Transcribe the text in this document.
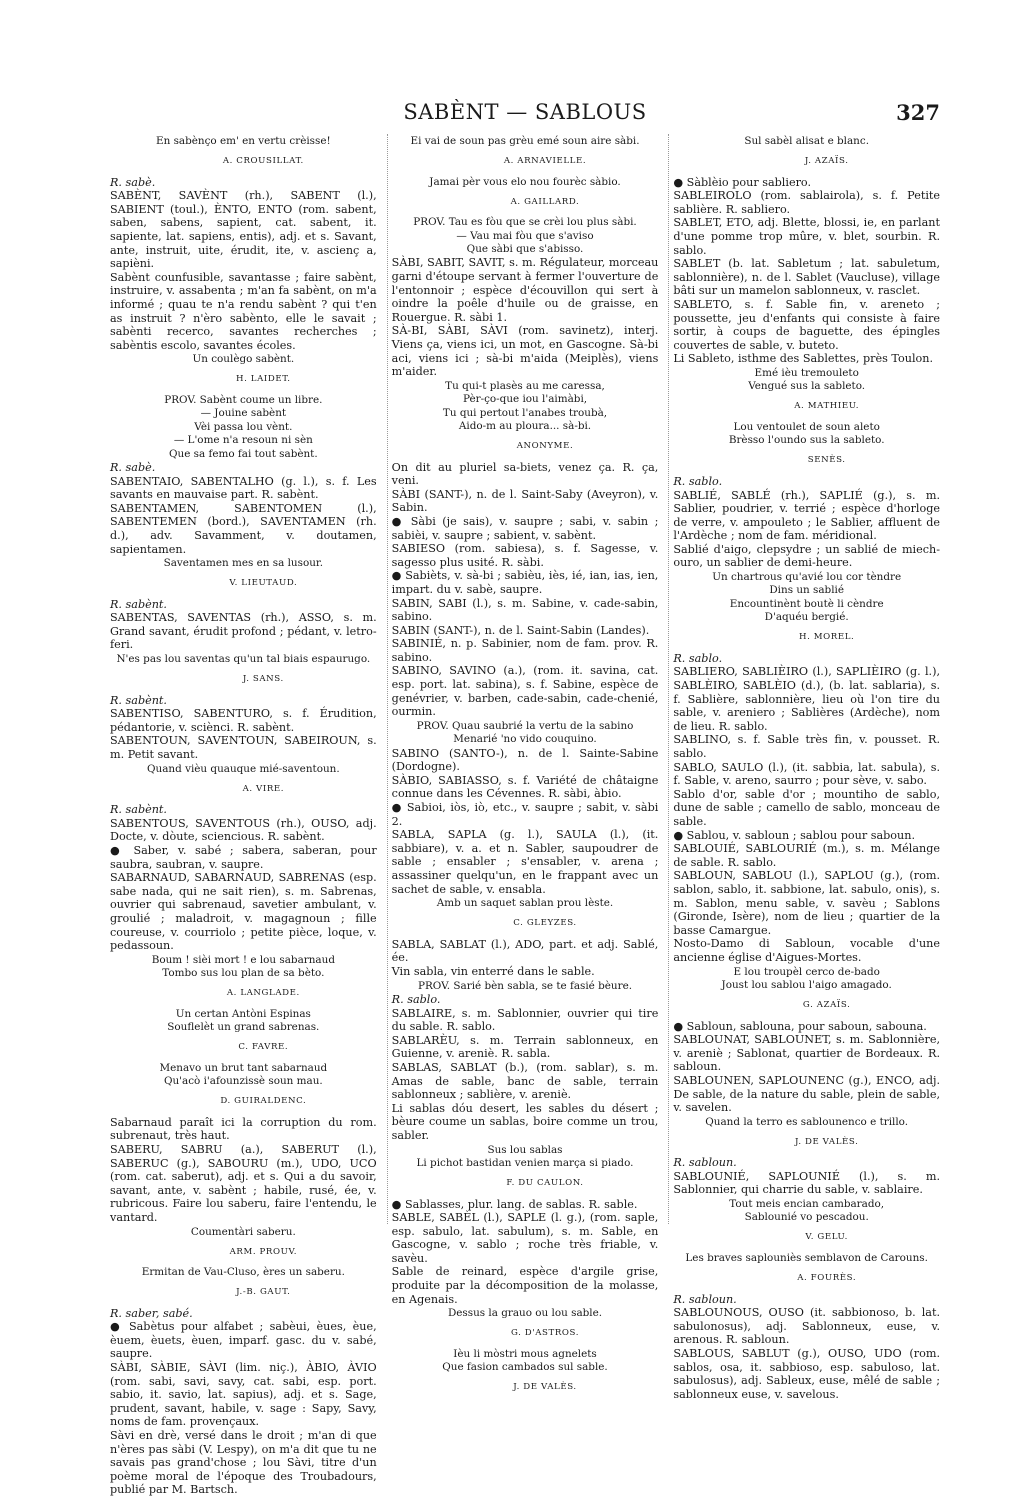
SABÈNT — SABLOUS	327

En sabènço em' en vertu crèisse!

A. CROUSILLAT.

R. sabè.

SABÈNT, SAVÈNT (rh.), SABENT (l.), SABIENT (toul.), ÈNTO, ENTO (rom. sabent, saben, sabens, sapient, cat. sabent, it. sapiente, lat. sapiens, entis), adj. et s. Savant, ante, instruit, uite, érudit, ite, v. ascienç a, sapièni.

Sabènt counfusible, savantasse ; faire sabènt, instruire, v. assabenta ; m'an fa sabènt, on m'a informé ; quau te n'a rendu sabènt ? qui t'en as instruit ? n'èro sabènto, elle le savait ; sabènti recerco, savantes recherches ; sabèntis escolo, savantes écoles.

Un coulègo sabènt.

H. LAIDET.

PROV. Sabènt coume un libre.

— Jouine sabènt

Vèi passa lou vènt.

— L'ome n'a resoun ni sèn

Que sa femo fai tout sabènt.

R. sabè.

SABENTAIO, SABENTALHO (g. l.), s. f. Les savants en mauvaise part. R. sabènt.

SABENTAMEN, SABENTOMEN (l.), SABENTEMEN (bord.), SAVENTAMEN (rh. d.), adv. Savamment, v. doutamen, sapientamen.

Saventamen mes en sa lusour.

V. LIEUTAUD.

R. sabènt.

SABENTAS, SAVENTAS (rh.), ASSO, s. m. Grand savant, érudit profond ; pédant, v. letro-feri.

N'es pas lou saventas qu'un tal biais espaurugo.

J. SANS.

R. sabènt.

SABENTISO, SABENTURO, s. f. Érudition, pédantorie, v. sciènci. R. sabènt.

SABENTOUN, SAVENTOUN, SABEIROUN, s. m. Petit savant.

Quand vièu quauque mié-saventoun.

A. VIRE.

R. sabènt.

SABENTOUS, SAVENTOUS (rh.), OUSO, adj. Docte, v. dòute, sciencious. R. sabènt.

● Saber, v. sabé ; sabera, saberan, pour saubra, saubran, v. saupre.

SABARNAUD, SABARNAUD, SABRENAS (esp. sabe nada, qui ne sait rien), s. m. Sabrenas, ouvrier qui sabrenaud, savetier ambulant, v. groulié ; maladroit, v. magagnoun ; fille coureuse, v. courriolo ; petite pièce, loque, v. pedassoun.

Boum ! sièi mort ! e lou sabarnaud

Tombo sus lou plan de sa bèto.

A. LANGLADE.

Un certan Antòni Espinas

Souflelèt un grand sabrenas.

C. FAVRE.

Menavo un brut tant sabarnaud

Qu'acò i'afounzissè soun mau.

D. GUIRALDENC.

Sabarnaud paraît ici la corruption du rom. subrenaut, très haut.

SABERU, SABRU (a.), SABERUT (l.), SABERUC (g.), SABOURU (m.), UDO, UCO (rom. cat. saberut), adj. et s. Qui a du savoir, savant, ante, v. sabènt ; habile, rusé, ée, v. rubricous. Faire lou saberu, faire l'entendu, le vantard.

Coumentàri saberu.

ARM. PROUV.

Ermitan de Vau-Cluso, ères un saberu.

J.-B. GAUT.

R. saber, sabé.

● Sabètus pour alfabet ; sabèui, èues, èue, èuem, èuets, èuen, imparf. gasc. du v. sabé, saupre.

SÀBI, SÀBIE, SÀVI (lim. niç.), ÀBIO, ÀVIO (rom. sabi, savi, savy, cat. sabi, esp. port. sabio, it. savio, lat. sapius), adj. et s. Sage, prudent, savant, habile, v. sage : Sapy, Savy, noms de fam. provençaux.

Sàvi en drè, versé dans le droit ; m'an di que n'ères pas sàbi (V. Lespy), on m'a dit que tu ne savais pas grand'chose ; lou Sàvi, titre d'un poème moral de l'époque des Troubadours, publié par M. Bartsch.

Ei vai de soun pas grèu emé soun aire sàbi.

A. ARNAVIELLE.

Jamai pèr vous elo nou fourèc sàbio.

A. GAILLARD.

PROV. Tau es fòu que se crèi lou plus sàbi.

— Vau mai fòu que s'aviso

Que sàbi que s'abisso.

SÀBI, SABIT, SAVIT, s. m. Régulateur, morceau garni d'étoupe servant à fermer l'ouverture de l'entonnoir ; espèce d'écouvillon qui sert à oindre la poêle d'huile ou de graisse, en Rouergue. R. sàbi 1.

SÀ-BI, SÀBI, SÀVI (rom. savinetz), interj. Viens ça, viens ici, un mot, en Gascogne. Sà-bi aci, viens ici ; sà-bi m'aida (Meiplès), viens m'aider.

Tu qui-t plasès au me caressa,

Pèr-ço-que iou l'aimàbi,

Tu qui pertout l'anabes troubà,

Aido-m au ploura... sà-bi.

ANONYME.

On dit au pluriel sa-biets, venez ça. R. ça, veni.

SÀBI (SANT-), n. de l. Saint-Saby (Aveyron), v. Sabin.

● Sàbi (je sais), v. saupre ; sabi, v. sabin ; sabièi, v. saupre ; sabient, v. sabènt.

SABIESO (rom. sabiesa), s. f. Sagesse, v. sagesso plus usité. R. sàbi.

● Sabièts, v. sà-bi ; sabièu, iès, ié, ian, ias, ien, impart. du v. sabè, saupre.

SABIN, SABI (l.), s. m. Sabine, v. cade-sabin, sabino.

SABIN (SANT-), n. de l. Saint-Sabin (Landes).

SABINIÉ, n. p. Sabinier, nom de fam. prov. R. sabino.

SABINO, SAVINO (a.), (rom. it. savina, cat. esp. port. lat. sabina), s. f. Sabine, espèce de genévrier, v. barben, cade-sabin, cade-chenié, ourmin.

PROV. Quau saubrié la vertu de la sabino

Menarié 'no vido couquino.

SABINO (SANTO-), n. de l. Sainte-Sabine (Dordogne).

SÀBIO, SABIASSO, s. f. Variété de châtaigne connue dans les Cévennes. R. sàbi, àbio.

● Sabioi, iòs, iò, etc., v. saupre ; sabit, v. sàbi 2.

SABLA, SAPLA (g. l.), SAULA (l.), (it. sabbiare), v. a. et n. Sabler, saupoudrer de sable ; ensabler ; s'ensabler, v. arena ; assassiner quelqu'un, en le frappant avec un sachet de sable, v. ensabla.

Amb un saquet sablan prou lèste.

C. GLEYZES.

SABLA, SABLAT (l.), ADO, part. et adj. Sablé, ée.

Vin sabla, vin enterré dans le sable.

PROV. Sarié bèn sabla, se te fasié bèure.

R. sablo.

SABLAIRE, s. m. Sablonnier, ouvrier qui tire du sable. R. sablo.

SABLARÈU, s. m. Terrain sablonneux, en Guienne, v. areniè. R. sabla.

SABLAS, SABLAT (b.), (rom. sablar), s. m. Amas de sable, banc de sable, terrain sablonneux ; sablière, v. areniè.

Li sablas dóu desert, les sables du désert ; bèure coume un sablas, boire comme un trou, sabler.

Sus lou sablas

Li pichot bastidan venien marça si piado.

F. DU CAULON.

● Sablasses, plur. lang. de sablas. R. sable.

SABLE, SABÈL (l.), SAPLE (l. g.), (rom. saple, esp. sabulo, lat. sabulum), s. m. Sable, en Gascogne, v. sablo ; roche très friable, v. savèu.

Sable de reinard, espèce d'argile grise, produite par la décomposition de la molasse, en Agenais.

Dessus la grauo ou lou sable.

G. D'ASTROS.

Ièu li mòstri mous agnelets

Que fasion cambados sul sable.

J. DE VALÈS.

Sul sabèl alisat e blanc.

J. AZAÏS.

● Sàblèio pour sabliero.

SABLEIROLO (rom. sablairola), s. f. Petite sablière. R. sabliero.

SABLET, ETO, adj. Blette, blossi, ie, en parlant d'une pomme trop mûre, v. blet, sourbin. R. sablo.

SABLET (b. lat. Sabletum ; lat. sabuletum, sablonnière), n. de l. Sablet (Vaucluse), village bâti sur un mamelon sablonneux, v. rasclet.

SABLETO, s. f. Sable fin, v. areneto ; poussette, jeu d'enfants qui consiste à faire sortir, à coups de baguette, des épingles couvertes de sable, v. buteto.

Li Sableto, isthme des Sablettes, près Toulon.

Emé ièu tremouleto

Vengué sus la sableto.

A. MATHIEU.

Lou ventoulet de soun aleto

Brèsso l'oundo sus la sableto.

SENÈS.

R. sablo.

SABLIÉ, SABLÉ (rh.), SAPLIÉ (g.), s. m. Sablier, poudrier, v. terrié ; espèce d'horloge de verre, v. ampouleto ; le Sablier, affluent de l'Ardèche ; nom de fam. méridional.

Sablié d'aigo, clepsydre ; un sablié de miech-ouro, un sablier de demi-heure.

Un chartrous qu'avié lou cor tèndre

Dins un sablié

Encountinènt boutè li cèndre

D'aquéu bergié.

H. MOREL.

R. sablo.

SABLIERO, SABLIÈIRO (l.), SAPLIÈIRO (g. l.), SABLÈIRO, SABLÈIO (d.), (b. lat. sablaria), s. f. Sablière, sablonnière, lieu où l'on tire du sable, v. areniero ; Sablières (Ardèche), nom de lieu. R. sablo.

SABLINO, s. f. Sable très fin, v. pousset. R. sablo.

SABLO, SAULO (l.), (it. sabbia, lat. sabula), s. f. Sable, v. areno, saurro ; pour sève, v. sabo.

Sablo d'or, sable d'or ; mountiho de sablo, dune de sable ; camello de sablo, monceau de sable.

● Sablou, v. sabloun ; sablou pour saboun.

SABLOUIÉ, SABLOURIÉ (m.), s. m. Mélange de sable. R. sablo.

SABLOUN, SABLOU (l.), SAPLOU (g.), (rom. sablon, sablo, it. sabbione, lat. sabulo, onis), s. m. Sablon, menu sable, v. savèu ; Sablons (Gironde, Isère), nom de lieu ; quartier de la basse Camargue.

Nosto-Damo di Sabloun, vocable d'une ancienne église d'Aigues-Mortes.

E lou troupèl cerco de-bado

Joust lou sablou l'aigo amagado.

G. AZAÏS.

● Sabloun, sablouna, pour saboun, sabouna.

SABLOUNAT, SABLOUNET, s. m. Sablonnière, v. areniè ; Sablonat, quartier de Bordeaux. R. sabloun.

SABLOUNEN, SAPLOUNENC (g.), ENCO, adj. De sable, de la nature du sable, plein de sable, v. savelen.

Quand la terro es sablounenco e trillo.

J. DE VALÈS.

R. sabloun.

SABLOUNIÉ, SAPLOUNIÉ (l.), s. m. Sablonnier, qui charrie du sable, v. sablaire.

Tout meis encian cambarado,

Sablounié vo pescadou.

V. GELU.

Les braves saplouniès semblavon de Carouns.

A. FOURÈS.

R. sabloun.

SABLOUNOUS, OUSO (it. sabbionoso, b. lat. sabulonosus), adj. Sablonneux, euse, v. arenous. R. sabloun.

SABLOUS, SABLUT (g.), OUSO, UDO (rom. sablos, osa, it. sabbioso, esp. sabuloso, lat. sabulosus), adj. Sableux, euse, mêlé de sable ; sablonneux euse, v. savelous.
